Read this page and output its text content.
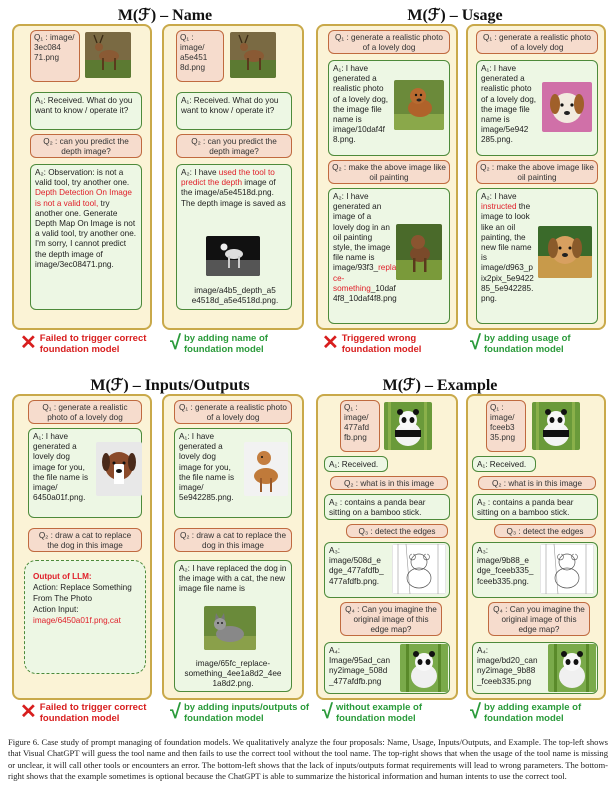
M(ℱ) – Name	M(ℱ) – Usage
M(ℱ) – Inputs/Outputs	M(ℱ) – Example
Q₁ : image/ 3ec084 71.png
A₁: Received. What do you want to know / operate it?
Q₂ : can you predict the depth image?
A₂: Observation: is not a valid tool, try another one. Depth Detection On Image is not a valid tool, try another one. Generate Depth Map On Image is not a valid tool, try another one. I'm sorry, I cannot predict the depth image of image/3ec08471.png.
✕ Failed to trigger correct foundation model
Q₁ : image/ a5e451 8d.png
A₁: Received. What do you want to know / operate it?
Q₂ : can you predict the depth image?
A₂: I have used the tool to predict the depth image of the image/a5e4518d.png. The depth image is saved as
image/a4b5_depth_a5 e4518d_a5e4518d.png.
√ by adding name of foundation model
Q₁ : generate a realistic photo of a lovely dog
A₁: I have generated a realistic photo of a lovely dog, the image file name is image/10daf4f 8.png.
Q₂ : make the above image like oil painting
A₂: I have generated an image of a lovely dog in an oil painting style, the image file name is image/93f3_repla ce-something_10daf 4f8_10daf4f8.png
✕ Triggered wrong foundation model
Q₁ : generate a realistic photo of a lovely dog
A₁: I have generated a realistic photo of a lovely dog, the image file name is image/5e942 285.png.
Q₂ : make the above image like oil painting
A₂: I have instructed the image to look like an oil painting, the new file name is image/d963_p ix2pix_5e9422 85_5e942285. png.
√ by adding usage of foundation model
Q₁ : generate a realistic photo of a lovely dog
A₁: I have generated a lovely dog image for you, the file name is image/ 6450a01f.png.
Q₂ : draw a cat to replace the dog in this image
Output of LLM:
Action: Replace Something From The Photo
Action Input:
image/6450a01f.png,cat
✕ Failed to trigger correct foundation model
Q₁ : generate a realistic photo of a lovely dog
A₁: I have generated a lovely dog image for you, the file name is image/ 5e942285.png.
Q₂ : draw a cat to replace the dog in this image
A₂: I have replaced the dog in the image with a cat, the new image file name is
image/65fc_replace-something_4ee1a8d2_4ee 1a8d2.png.
√ by adding inputs/outputs of foundation model
Q₁ : image/ 477afd fb.png
A₁: Received.
Q₂ : what is in this image
A₂ : contains a panda bear sitting on a bamboo stick.
Q₃ : detect the edges
A₃: image/508d_e dge_477afdfb_ 477afdfb.png.
Q₄ : Can you imagine the original image of this edge map?
A₄: Image/95ad_can ny2image_508d _477afdfb.png
√ without example of foundation model
Q₁ : image/ fceeb3 35.png
A₁: Received.
Q₂ : what is in this image
A₂ : contains a panda bear sitting on a bamboo stick.
Q₃ : detect the edges
A₃: image/9b88_e dge_fceeb335_ fceeb335.png.
Q₄ : Can you imagine the original image of this edge map?
A₄: image/bd20_can ny2image_9b88 _fceeb335.png
√ by adding example of foundation model
Figure 6. Case study of prompt managing of foundation models. We qualitatively analyze the four proposals: Name, Usage, Inputs/Outputs, and Example. The top-left shows that Visual ChatGPT will guess the tool name and then fails to use the correct tool without the tool name. The top-right shows that when the usage of the tool name is missing or unclear, it will call other tools or encounters an error. The bottom-left shows that the lack of inputs/outputs format requirements will lead to wrong parameters. The bottom-right shows that the example sometimes is optional because the ChatGPT is able to summarize the historical information and human intents to use the correct tool.
